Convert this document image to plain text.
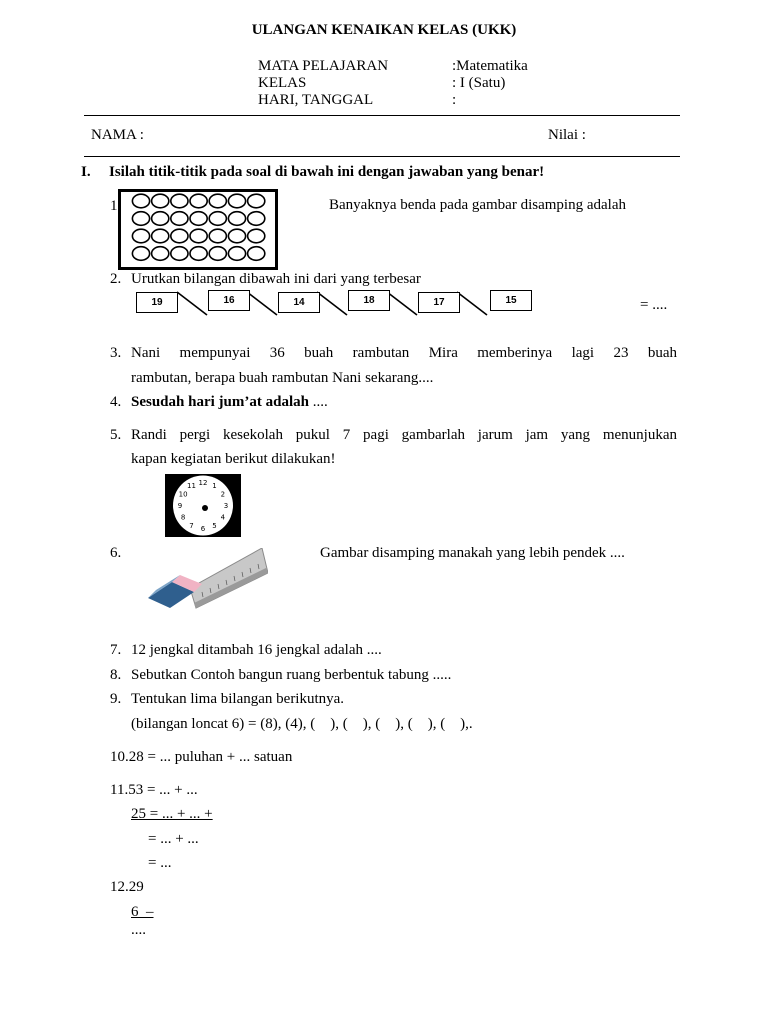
ULANGAN KENAIKAN KELAS (UKK)
MATA PELAJARAN	:Matematika
KELAS	: I (Satu)
HARI, TANGGAL	:
NAMA :	Nilai :
I. Isilah titik-titik pada soal di bawah ini dengan jawaban yang benar!
1.	Banyaknya benda pada gambar disamping adalah
2. Urutkan bilangan dibawah ini dari yang terbesar
19	16	14	18	17	15	= ....
3. Nani mempunyai 36 buah rambutan Mira memberinya lagi 23 buah
rambutan, berapa buah rambutan Nani sekarang....
4. Sesudah hari jum’at adalah ....
5. Randi pergi kesekolah pukul 7 pagi gambarlah jarum jam yang menunjukan
kapan kegiatan berikut dilakukan!
12 1
2
3
4
5
6
7
8
9
10
11
6.	Gambar disamping manakah yang lebih pendek ....
7. 12 jengkal ditambah 16 jengkal adalah ....
8. Sebutkan Contoh bangun ruang berbentuk tabung .....
9. Tentukan lima bilangan berikutnya.
(bilangan loncat 6) = (8), (4), (    ), (    ), (    ), (    ), (    ),.
10.28 = ... puluhan + ... satuan
11.53 = ... + ...
25 = ... + ... +
= ... + ...
= ...
12.29
6  –
....
